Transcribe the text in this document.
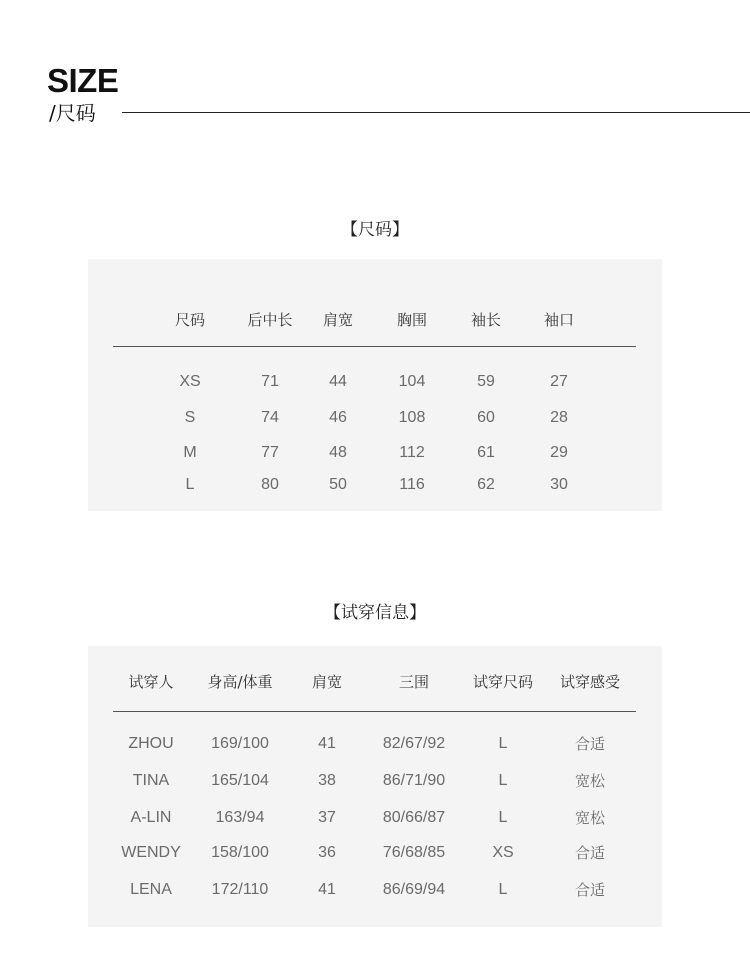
SIZE
/尺码
【尺码】
尺码	后中长 肩宽	胸围	袖长	袖口
XS	71	44	104	59	27
S	74	46	108	60	28
M	77	48	112	61	29
L	80	50	116	62	30
【试穿信息】
试穿人 身高/体重	肩宽	三围	试穿尺码 试穿感受
ZHOU 169/100	41	82/67/92	L	合适
TINA	165/104	38	86/71/90	L	宽松
A-LIN	163/94	37	80/66/87	L	宽松
WENDY 158/100	36	76/68/85	XS	合适
LENA 172/110	41	86/69/94	L	合适
